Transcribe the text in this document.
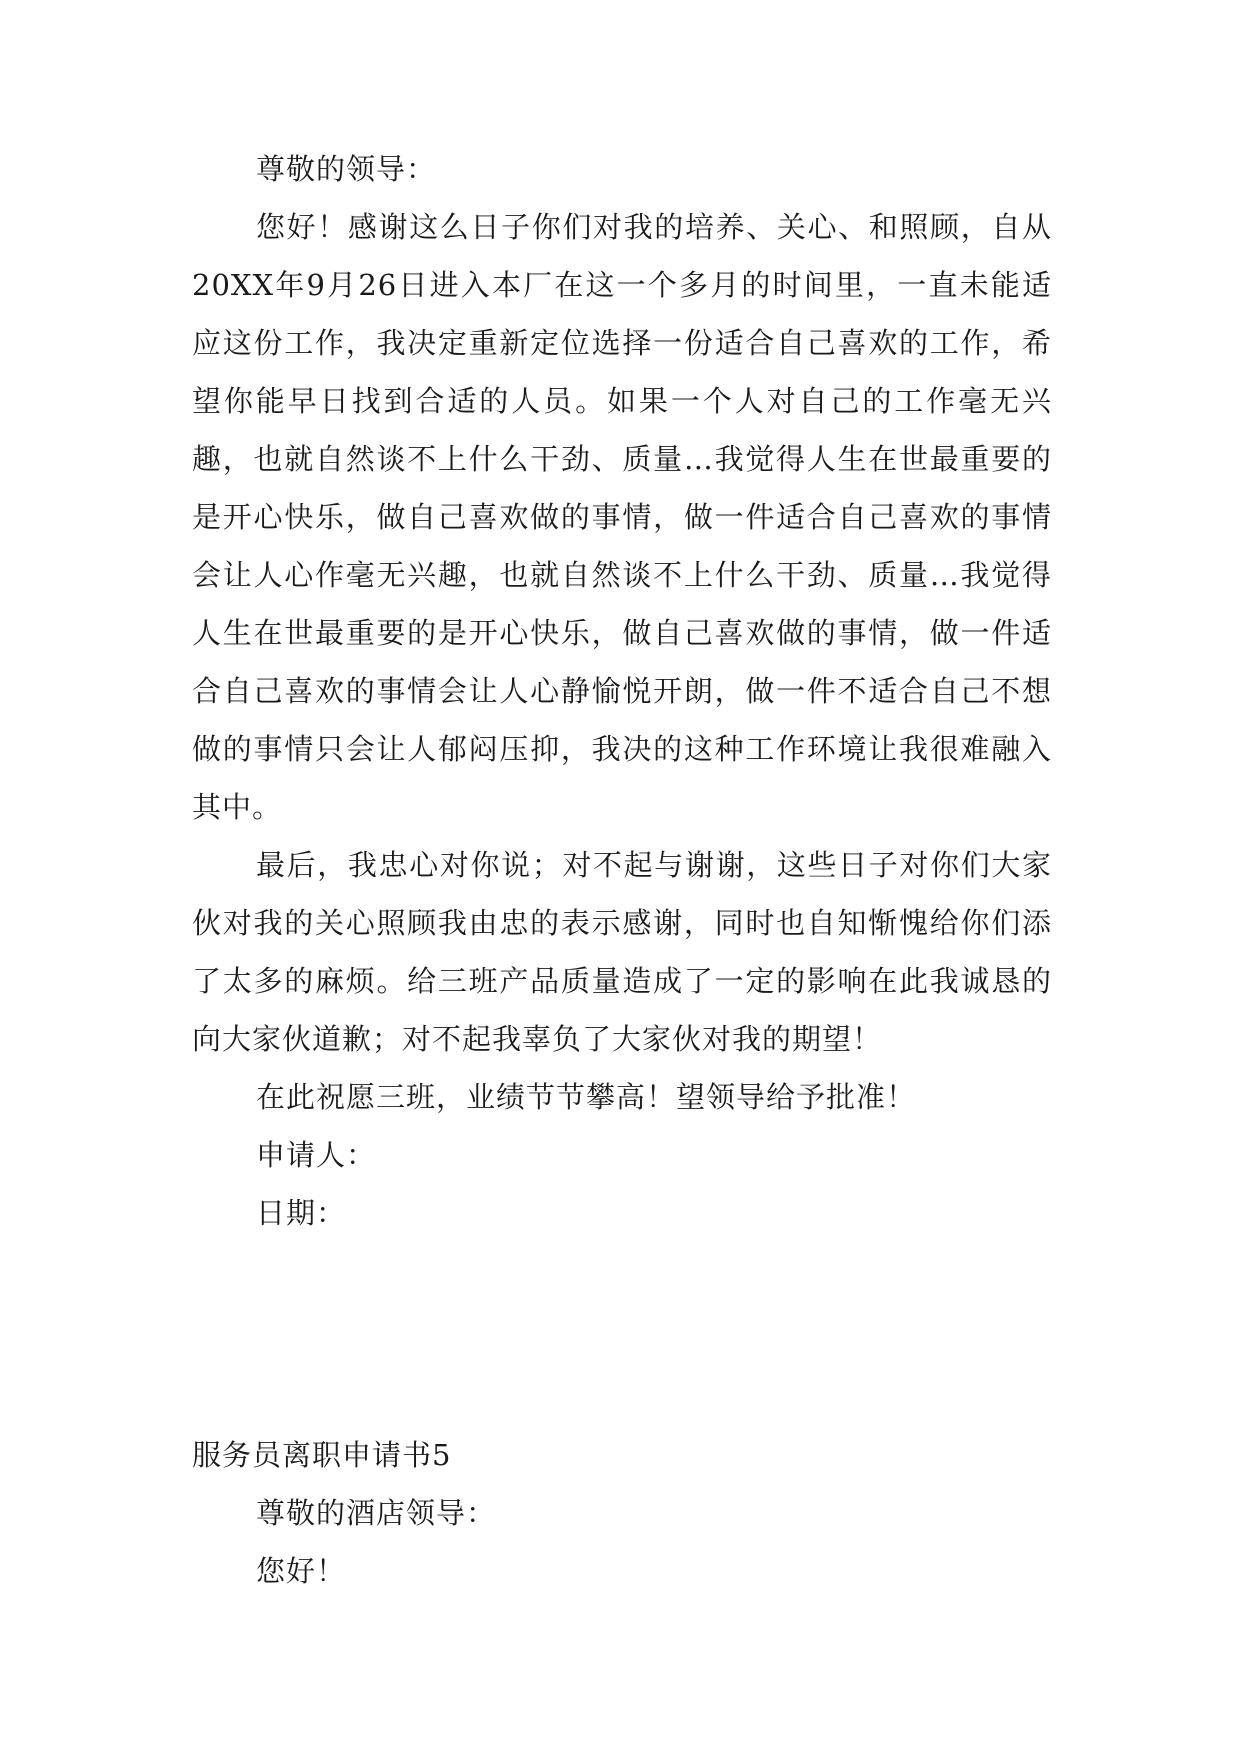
尊敬的领导：

您好！感谢这么日子你们对我的培养、关心、和照顾，自从20XX年9月26日进入本厂在这一个多月的时间里，一直未能适应这份工作，我决定重新定位选择一份适合自己喜欢的工作，希望你能早日找到合适的人员。如果一个人对自己的工作毫无兴趣，也就自然谈不上什么干劲、质量…我觉得人生在世最重要的是开心快乐，做自己喜欢做的事情，做一件适合自己喜欢的事情会让人心作毫无兴趣，也就自然谈不上什么干劲、质量…我觉得人生在世最重要的是开心快乐，做自己喜欢做的事情，做一件适合自己喜欢的事情会让人心静愉悦开朗，做一件不适合自己不想做的事情只会让人郁闷压抑，我决的这种工作环境让我很难融入其中。

最后，我忠心对你说；对不起与谢谢，这些日子对你们大家伙对我的关心照顾我由忠的表示感谢，同时也自知惭愧给你们添了太多的麻烦。给三班产品质量造成了一定的影响在此我诚恳的向大家伙道歉；对不起我辜负了大家伙对我的期望！

在此祝愿三班，业绩节节攀高！望领导给予批准！

申请人：

日期：

服务员离职申请书5

尊敬的酒店领导：

您好！
